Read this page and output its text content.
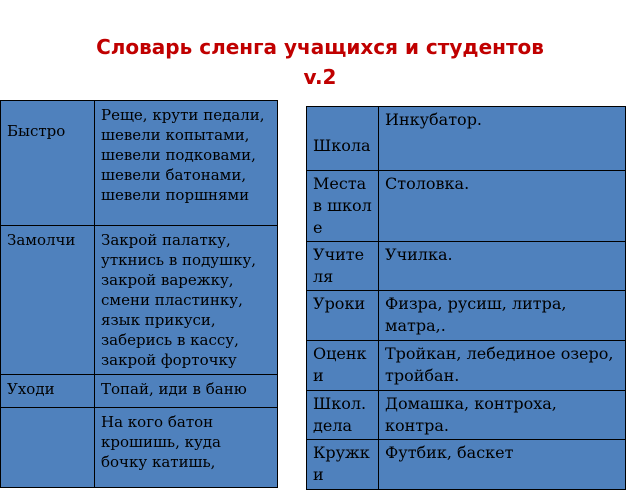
Словарь сленга учащихся и студентов
v.2
Быстро	Реще, крути педали, шевели копытами, шевели подковами, шевели батонами, шевели поршнями
Замолчи	Закрой палатку, уткнись в подушку, закрой варежку, смени пластинку, язык прикуси, заберись в кассу, закрой форточку
Уходи	Топай, иди в баню
	На кого батон крошишь, куда бочку катишь,
Школа	Инкубатор.
Места в школе	Столовка.
Учителя	Училка.
Уроки	Физра, русиш, литра, матра,.
Оценки	Тройкан, лебединое озеро, тройбан.
Школ. дела	Домашка, контроха, контра.
Кружки	Футбик, баскет
